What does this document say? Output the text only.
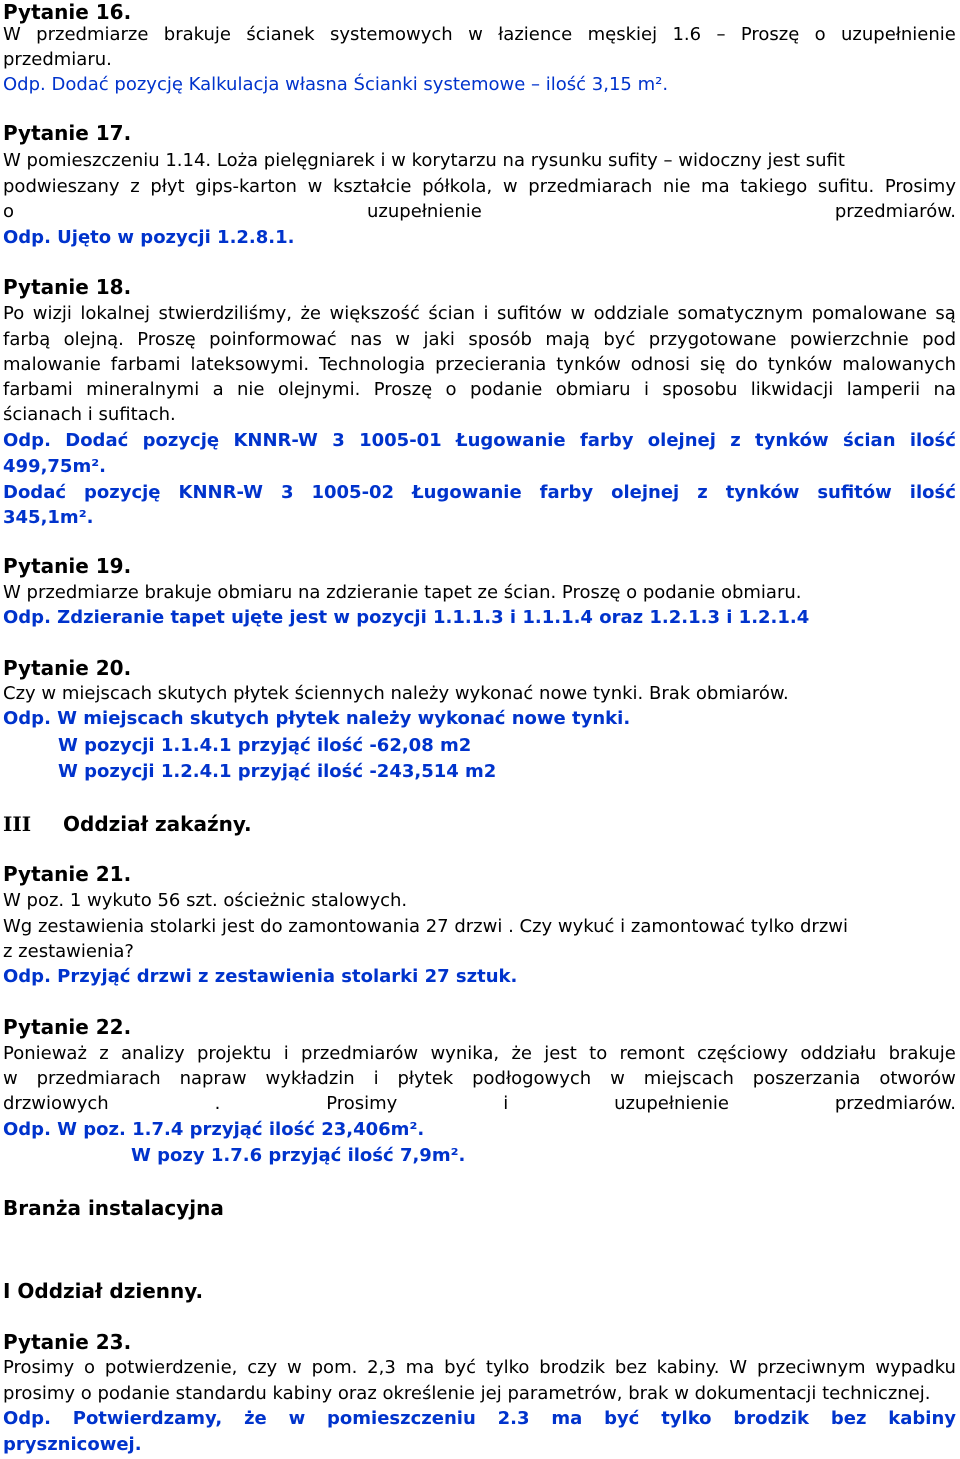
Pytanie 16.
W przedmiarze brakuje ścianek systemowych w łazience męskiej 1.6 – Proszę o uzupełnienie
przedmiaru.
Odp. Dodać pozycję Kalkulacja własna Ścianki systemowe – ilość 3,15 m².
Pytanie 17.
W pomieszczeniu 1.14. Loża pielęgniarek i w korytarzu na rysunku sufity – widoczny jest sufit
podwieszany z płyt gips-karton w kształcie półkola, w przedmiarach nie ma takiego sufitu. Prosimy
o	uzupełnienie	przedmiarów.
Odp. Ujęto w pozycji 1.2.8.1.
Pytanie 18.
Po wizji lokalnej stwierdziliśmy, że większość ścian i sufitów w oddziale somatycznym pomalowane są
farbą olejną. Proszę poinformować nas w jaki sposób mają być przygotowane powierzchnie pod
malowanie farbami lateksowymi. Technologia przecierania tynków odnosi się do tynków malowanych
farbami mineralnymi a nie olejnymi. Proszę o podanie obmiaru i sposobu likwidacji lamperii na
ścianach i sufitach.
Odp. Dodać pozycję KNNR-W 3 1005-01 Ługowanie farby olejnej z tynków ścian ilość
499,75m².
Dodać pozycję KNNR-W 3 1005-02 Ługowanie farby olejnej z tynków sufitów ilość
345,1m².
Pytanie 19.
W przedmiarze brakuje obmiaru na zdzieranie tapet ze ścian. Proszę o podanie obmiaru.
Odp. Zdzieranie tapet ujęte jest w pozycji 1.1.1.3 i 1.1.1.4 oraz 1.2.1.3 i 1.2.1.4
Pytanie 20.
Czy w miejscach skutych płytek ściennych należy wykonać nowe tynki. Brak obmiarów.
Odp. W miejscach skutych płytek należy wykonać nowe tynki.
W pozycji 1.1.4.1 przyjąć ilość -62,08 m2
W pozycji 1.2.4.1 przyjąć ilość -243,514 m2
III Oddział zakaźny.
Pytanie 21.
W poz. 1 wykuto 56 szt. ościeżnic stalowych.
Wg zestawienia stolarki jest do zamontowania 27 drzwi . Czy wykuć i zamontować tylko drzwi
z zestawienia?
Odp. Przyjąć drzwi z zestawienia stolarki 27 sztuk.
Pytanie 22.
Ponieważ z analizy projektu i przedmiarów wynika, że jest to remont częściowy oddziału brakuje
w przedmiarach napraw wykładzin i płytek podłogowych w miejscach poszerzania otworów
drzwiowych	.	Prosimy	i	uzupełnienie	przedmiarów.
Odp. W poz. 1.7.4 przyjąć ilość 23,406m².
W pozy 1.7.6 przyjąć ilość 7,9m².
Branża instalacyjna
I Oddział dzienny.
Pytanie 23.
Prosimy o potwierdzenie, czy w pom. 2,3 ma być tylko brodzik bez kabiny. W przeciwnym wypadku
prosimy o podanie standardu kabiny oraz określenie jej parametrów, brak w dokumentacji technicznej.
Odp. Potwierdzamy, że w pomieszczeniu 2.3 ma być tylko brodzik bez kabiny
prysznicowej.
